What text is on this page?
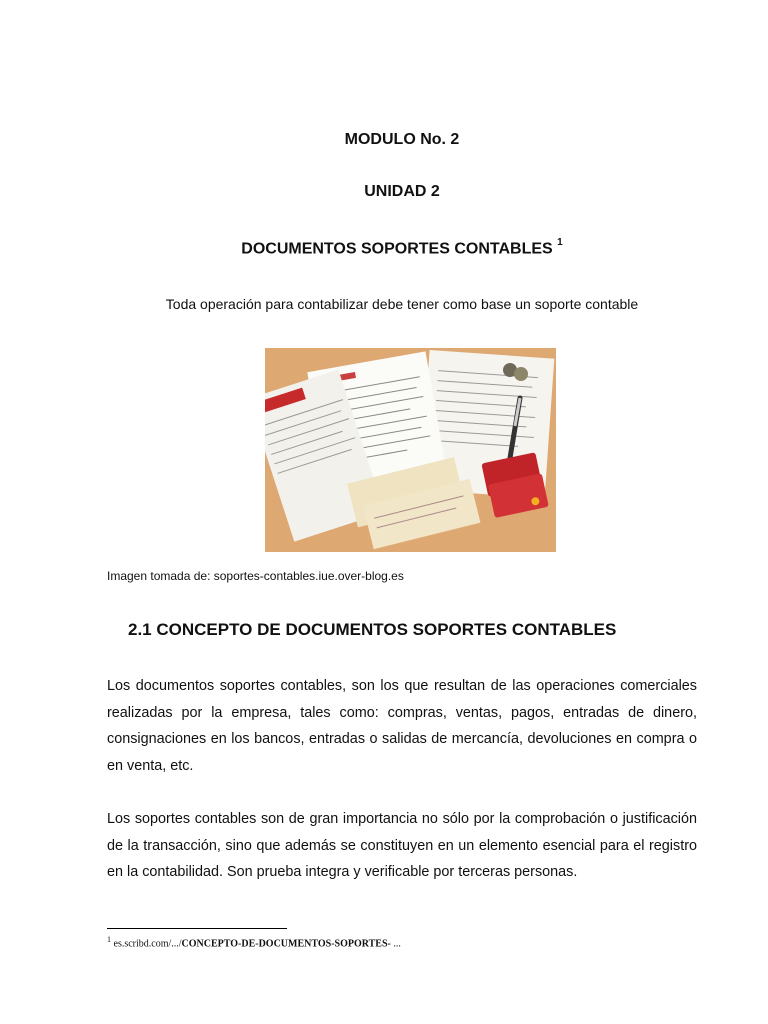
MODULO No. 2
UNIDAD 2
DOCUMENTOS SOPORTES CONTABLES $^1$
Toda operación para contabilizar debe tener como base un soporte contable
Imagen tomada de: soportes-contables.iue.over-blog.es
2.1 CONCEPTO DE DOCUMENTOS SOPORTES CONTABLES
Los documentos soportes contables, son los que resultan de las operaciones comerciales realizadas por la empresa, tales como: compras, ventas, pagos, entradas de dinero, consignaciones en los bancos, entradas o salidas de mercancía, devoluciones en compra o en venta, etc.
Los soportes contables son de gran importancia no sólo por la comprobación o justificación de la transacción, sino que además se constituyen en un elemento esencial para el registro en la contabilidad. Son prueba integra y verificable por terceras personas.
$^1$ es.scribd.com/.../CONCEPTO-DE-DOCUMENTOS-SOPORTES- ...
